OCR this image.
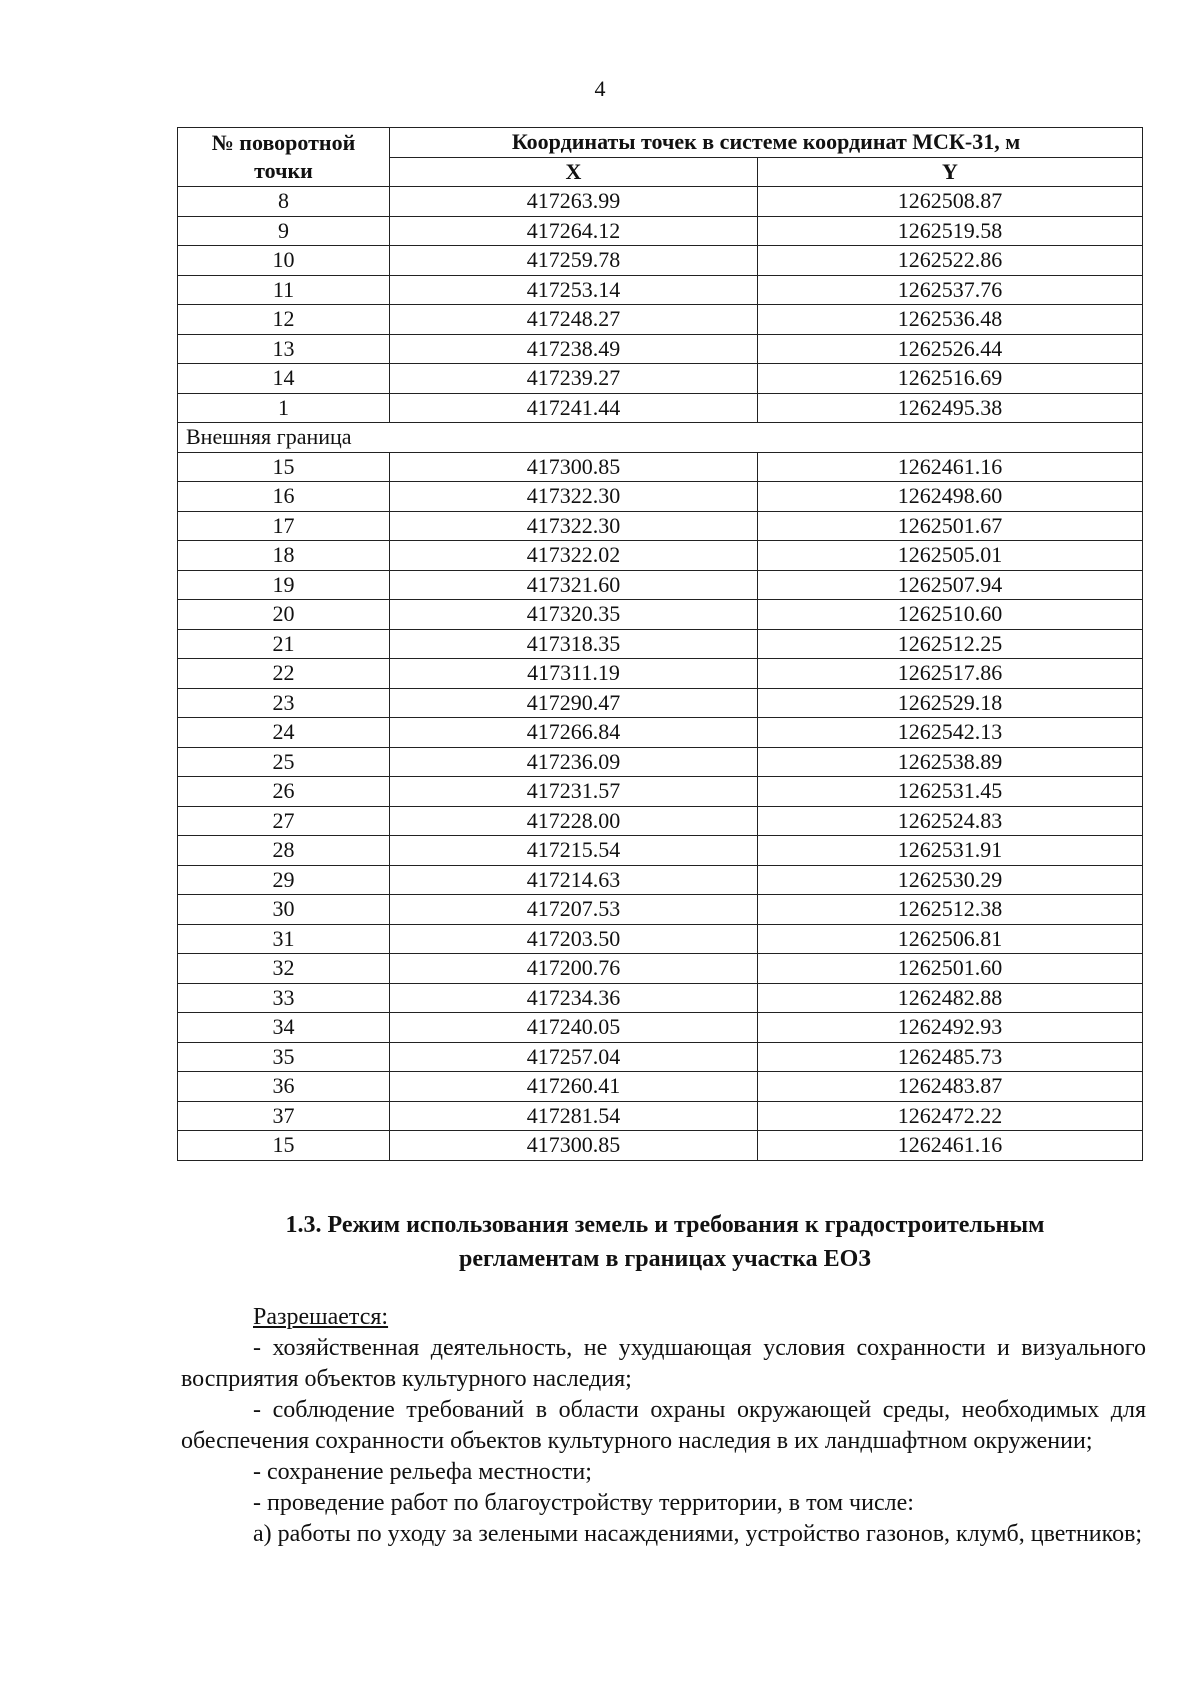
4
№ поворотной
точки	Координаты точек в системе координат МСК-31, м	
	X	Y
8	417263.99	1262508.87
9	417264.12	1262519.58
10	417259.78	1262522.86
11	417253.14	1262537.76
12	417248.27	1262536.48
13	417238.49	1262526.44
14	417239.27	1262516.69
1	417241.44	1262495.38
Внешняя граница		
15	417300.85	1262461.16
16	417322.30	1262498.60
17	417322.30	1262501.67
18	417322.02	1262505.01
19	417321.60	1262507.94
20	417320.35	1262510.60
21	417318.35	1262512.25
22	417311.19	1262517.86
23	417290.47	1262529.18
24	417266.84	1262542.13
25	417236.09	1262538.89
26	417231.57	1262531.45
27	417228.00	1262524.83
28	417215.54	1262531.91
29	417214.63	1262530.29
30	417207.53	1262512.38
31	417203.50	1262506.81
32	417200.76	1262501.60
33	417234.36	1262482.88
34	417240.05	1262492.93
35	417257.04	1262485.73
36	417260.41	1262483.87
37	417281.54	1262472.22
15	417300.85	1262461.16
1.3. Режим использования земель и требования к градостроительным
регламентам в границах участка ЕОЗ

Разрешается:

- хозяйственная деятельность, не ухудшающая условия сохранности и визуального восприятия объектов культурного наследия;

- соблюдение требований в области охраны окружающей среды, необходимых для обеспечения сохранности объектов культурного наследия в их ландшафтном окружении;

- сохранение рельефа местности;

- проведение работ по благоустройству территории, в том числе:

а) работы по уходу за зелеными насаждениями, устройство газонов, клумб, цветников;
